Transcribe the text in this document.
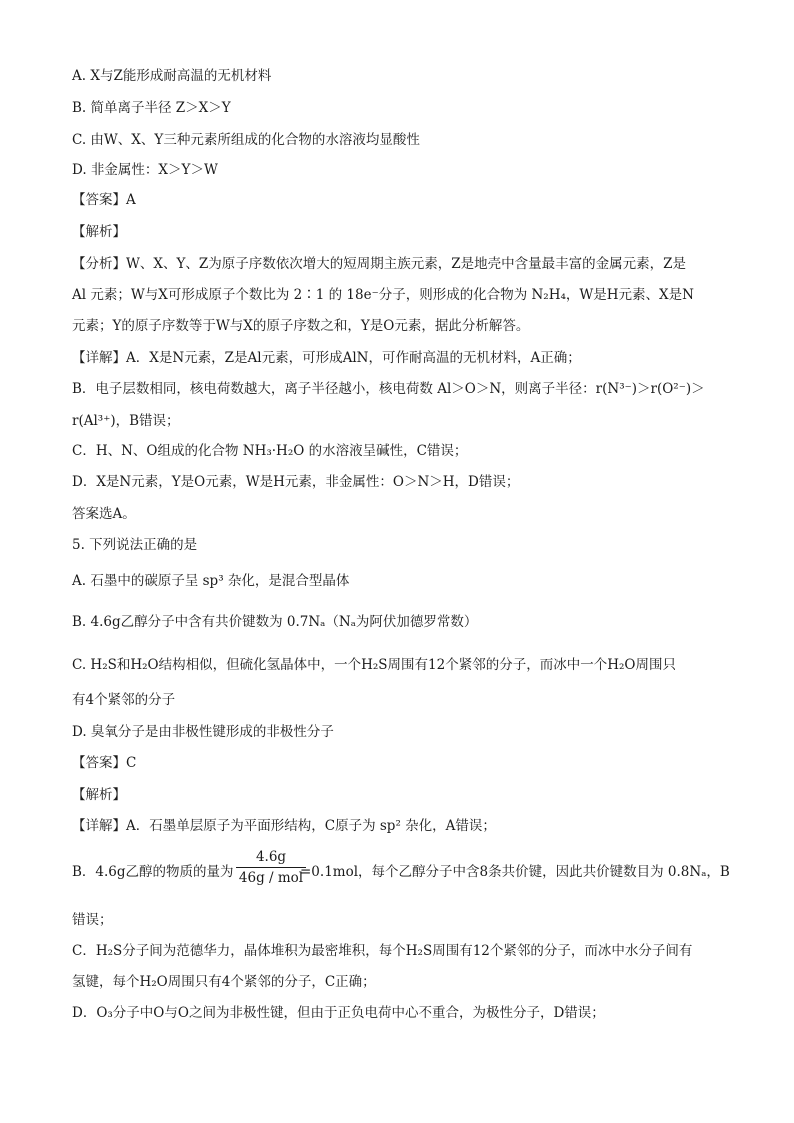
A. X与Z能形成耐高温的无机材料
B. 简单离子半径 Z＞X＞Y
C. 由W、X、Y三种元素所组成的化合物的水溶液均显酸性
D. 非金属性：X＞Y＞W
【答案】A
【解析】
【分析】W、X、Y、Z为原子序数依次增大的短周期主族元素，Z是地壳中含量最丰富的金属元素，Z是
Al 元素；W与X可形成原子个数比为 2∶1 的 18e⁻分子，则形成的化合物为 N₂H₄，W是H元素、X是N
元素；Y的原子序数等于W与X的原子序数之和，Y是O元素，据此分析解答。
【详解】A．X是N元素，Z是Al元素，可形成AlN，可作耐高温的无机材料，A正确；
B．电子层数相同，核电荷数越大，离子半径越小，核电荷数 Al＞O＞N，则离子半径：r(N³⁻)＞r(O²⁻)＞
r(Al³⁺)，B错误；
C．H、N、O组成的化合物 NH₃·H₂O 的水溶液呈碱性，C错误；
D．X是N元素，Y是O元素，W是H元素，非金属性：O＞N＞H，D错误；
答案选A。
5. 下列说法正确的是
A. 石墨中的碳原子呈 sp³ 杂化，是混合型晶体
B. 4.6g乙醇分子中含有共价键数为 0.7Nₐ（Nₐ为阿伏加德罗常数）
C. H₂S和H₂O结构相似，但硫化氢晶体中，一个H₂S周围有12个紧邻的分子，而冰中一个H₂O周围只
有4个紧邻的分子
D. 臭氧分子是由非极性键形成的非极性分子
【答案】C
【解析】
【详解】A．石墨单层原子为平面形结构，C原子为 sp² 杂化，A错误；
B．4.6g乙醇的物质的量为	=0.1mol，每个乙醇分子中含8条共价键，因此共价键数目为 0.8Nₐ，B
错误；
C．H₂S分子间为范德华力，晶体堆积为最密堆积，每个H₂S周围有12个紧邻的分子，而冰中水分子间有
氢键，每个H₂O周围只有4个紧邻的分子，C正确；
D．O₃分子中O与O之间为非极性键，但由于正负电荷中心不重合，为极性分子，D错误；
4.6g
46g / mol
